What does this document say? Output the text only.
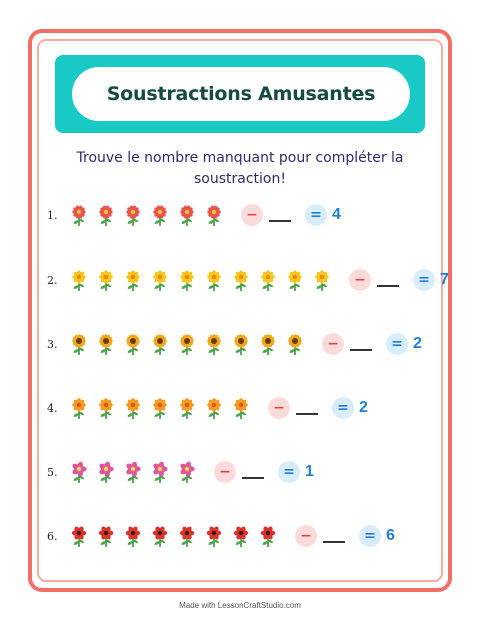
Soustractions Amusantes
Trouve le nombre manquant pour compléter la soustraction!
1.	−	= 4
2.	−	= 7
3.	−	= 2
4.	−	= 2
5.	−	= 1
6.	−	= 6
Made with LessonCraftStudio.com
